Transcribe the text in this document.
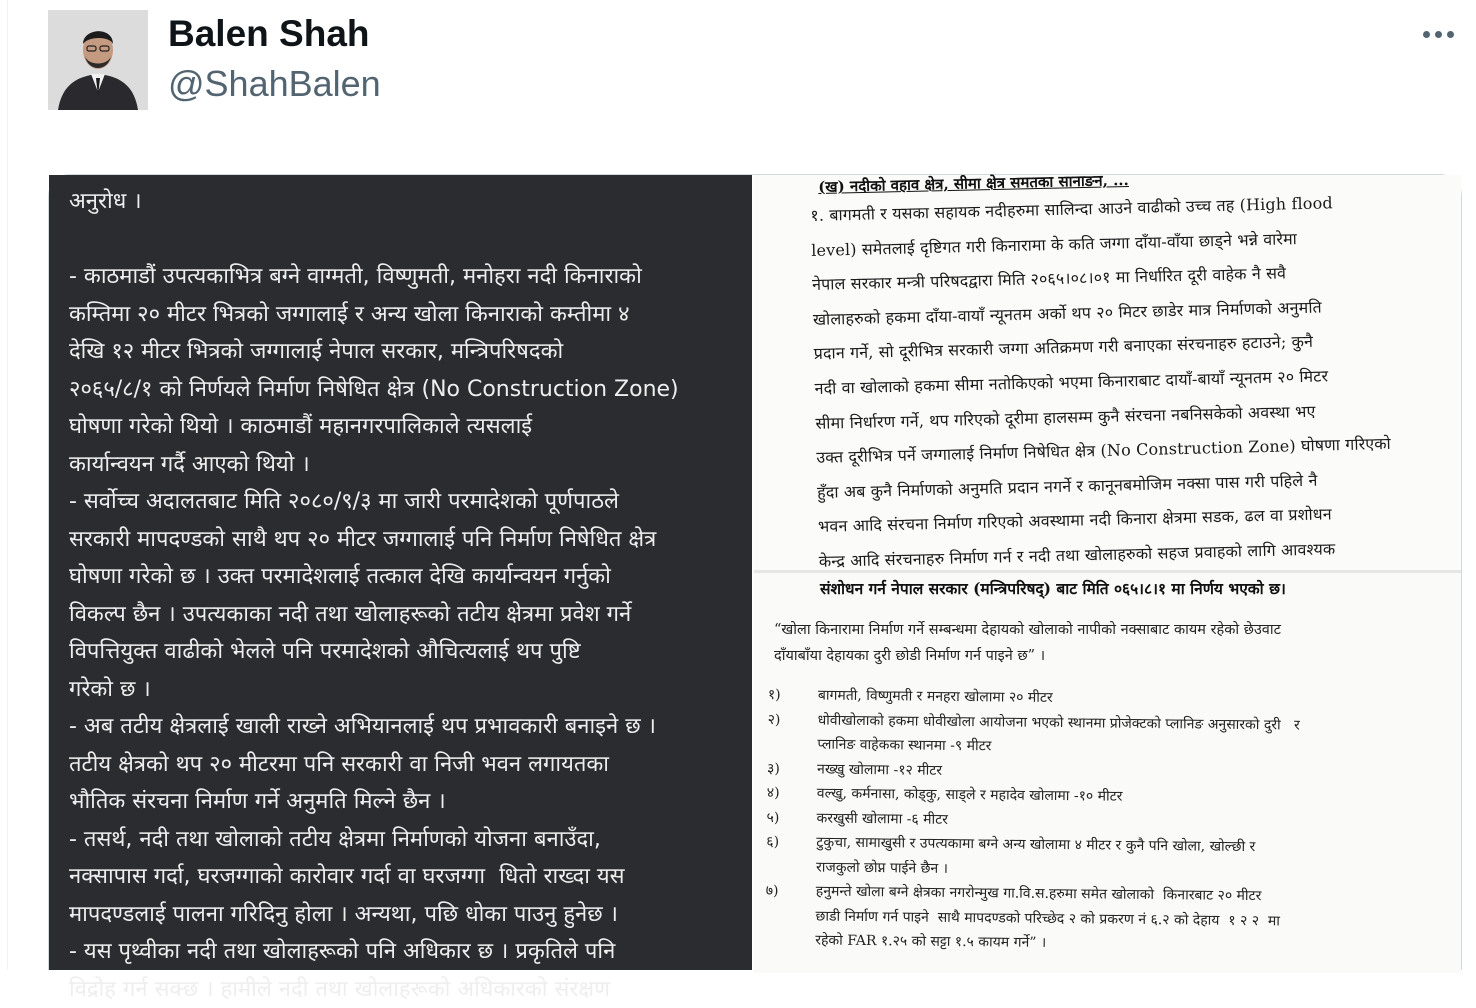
Balen Shah
@ShahBalen
अनुराेध ।

- काठमाडौं उपत्यकाभित्र बग्ने वाग्मती, विष्णुमती, मनाेहरा नदी किनाराकाे
कम्तिमा २० मीटर भित्रकाे जग्गालाई र अन्य खाेला किनाराकाे कम्तीमा ४
देखि १२ मीटर भित्रकाे जग्गालाई नेपाल सरकार, मन्त्रिपरिषदकाे
२०६५/८/१ काे निर्णयले निर्माण निषेधित क्षेत्र (No Construction Zone)
घाेषणा गरेकाे थियाे । काठमाडौं महानगरपालिकाले त्यसलाई
कार्यान्वयन गर्दै आएकाे थियाे ।
- सर्वाेच्च अदालतबाट मिति २०८०/९/३ मा जारी परमादेशकाे पूर्णपाठले
सरकारी मापदण्डकाे साथै थप २० मीटर जग्गालाई पनि निर्माण निषेधित क्षेत्र
घाेषणा गरेकाे छ । उक्त परमादेशलाई तत्काल देखि कार्यान्वयन गर्नुकाे
विकल्प छैन । उपत्यकाका नदी तथा खाेलाहरूकाे तटीय क्षेत्रमा प्रवेश गर्ने
विपत्तियुक्त वाढीकाे भेलले पनि परमादेशकाे औचित्यलाई थप पुष्टि
गरेकाे छ ।
- अब तटीय क्षेत्रलाई खाली राख्ने अभियानलाई थप प्रभावकारी बनाइने छ ।
तटीय क्षेत्रकाे थप २० मीटरमा पनि सरकारी वा निजी भवन लगायतका
भाैतिक संरचना निर्माण गर्ने अनुमति मिल्ने छैन ।
- तसर्थ, नदी तथा खाेलाकाे तटीय क्षेत्रमा निर्माणकाे याेजना बनाउँदा,
नक्सापास गर्दा, घरजग्गाकाे काराेवार गर्दा वा घरजग्गा  धिताे राख्दा यस
मापदण्डलाई पालना गरिदिनु हाेला । अन्यथा, पछि धाेका पाउनु हुनेछ ।
- यस पृथ्वीका नदी तथा खाेलाहरूकाे पनि अधिकार छ । प्रकृतिले पनि
विद्राेह गर्न सक्छ । हामीले नदी तथा खाेलाहरूकाे अधिकारकाे संरक्षण
(ख) नदीको वहाव क्षेत्र, सीमा क्षेत्र समतका सानाङन, ...
१. बागमती र यसका सहायक नदीहरुमा सालिन्दा आउने वाढीको उच्च तह (High flood
level) समेतलाई दृष्टिगत गरी किनारामा के कति जग्गा दाँया-वाँया छाड्ने भन्ने वारेमा
नेपाल सरकार मन्त्री परिषदद्वारा मिति २०६५।०८।०१ मा निर्धारित दूरी वाहेक नै सवै
खोलाहरुको हकमा दाँया-वायाँ न्यूनतम अर्को थप २० मिटर छाडेर मात्र निर्माणको अनुमति
प्रदान गर्ने, सो दूरीभित्र सरकारी जग्गा अतिक्रमण गरी बनाएका संरचनाहरु हटाउने; कुनै
नदी वा खोलाको हकमा सीमा नतोकिएको भएमा किनाराबाट दायाँ-बायाँ न्यूनतम २० मिटर
सीमा निर्धारण गर्ने, थप गरिएको दूरीमा हालसम्म कुनै संरचना नबनिसकेको अवस्था भए
उक्त दूरीभित्र पर्ने जग्गालाई निर्माण निषेधित क्षेत्र (No Construction Zone) घोषणा गरिएको
हुँदा अब कुनै निर्माणको अनुमति प्रदान नगर्ने र कानूनबमोजिम नक्सा पास गरी पहिले नै
भवन आदि संरचना निर्माण गरिएको अवस्थामा नदी किनारा क्षेत्रमा सडक, ढल वा प्रशोधन
केन्द्र आदि संरचनाहरु निर्माण गर्न र नदी तथा खोलाहरुको सहज प्रवाहको लागि आवश्यक
संशोधन गर्न नेपाल सरकार (मन्त्रिपरिषद्) बाट मिति ०६५।८।१ मा निर्णय भएको छ।
“खोला किनारामा निर्माण गर्ने सम्बन्धमा देहायको खोलाको नापीको नक्साबाट कायम रहेको छेउवाट
दाँयाबाँया देहायका दुरी छोडी निर्माण गर्न पाइने छ” ।
१)	बागमती, विष्णुमती र मनहरा खोलामा २० मीटर
२)	धोवीखोलाको हकमा धोवीखोला आयोजना भएको स्थानमा प्रोजेक्टको प्लानिङ अनुसारको दुरी   र
प्लानिङ वाहेकका स्थानमा -९ मीटर
३)	नख्खु खोलामा -१२ मीटर
४)	वल्खु, कर्मनासा, कोड्कु, साड्ले र महादेव खोलामा -१० मीटर
५)	करखुसी खोलामा -६ मीटर
६)	टुकुचा, सामाखुसी र उपत्यकामा बग्ने अन्य खोलामा ४ मीटर र कुनै पनि खोला, खोल्छी र
राजकुलो छोप्न पाईने छैन ।
७)	हनुमन्ते खोला बग्ने क्षेत्रका नगरोन्मुख गा.वि.स.हरुमा समेत खोलाको  किनारबाट २० मीटर
छाडी निर्माण गर्न पाइने  साथै मापदण्डको परिच्छेद २ को प्रकरण नं ६.२ को देहाय  १ २ २  मा
रहेको FAR १.२५ को सट्टा १.५ कायम गर्ने” ।
